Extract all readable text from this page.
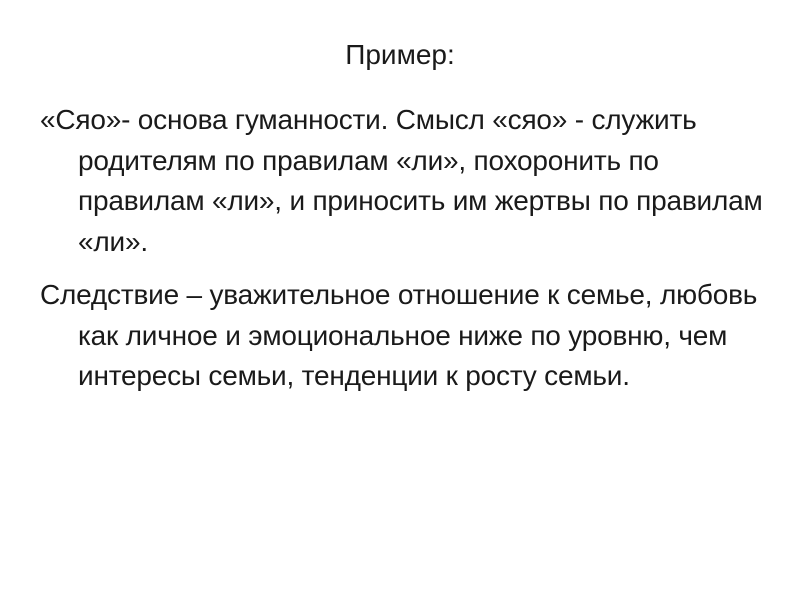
Пример:
«Сяо»- основа гуманности. Смысл «сяо» - служить родителям по правилам «ли», похоронить по правилам «ли», и приносить им жертвы по правилам «ли».
Следствие – уважительное отношение к семье, любовь как личное и эмоциональное ниже по уровню, чем интересы семьи, тенденции к росту семьи.
